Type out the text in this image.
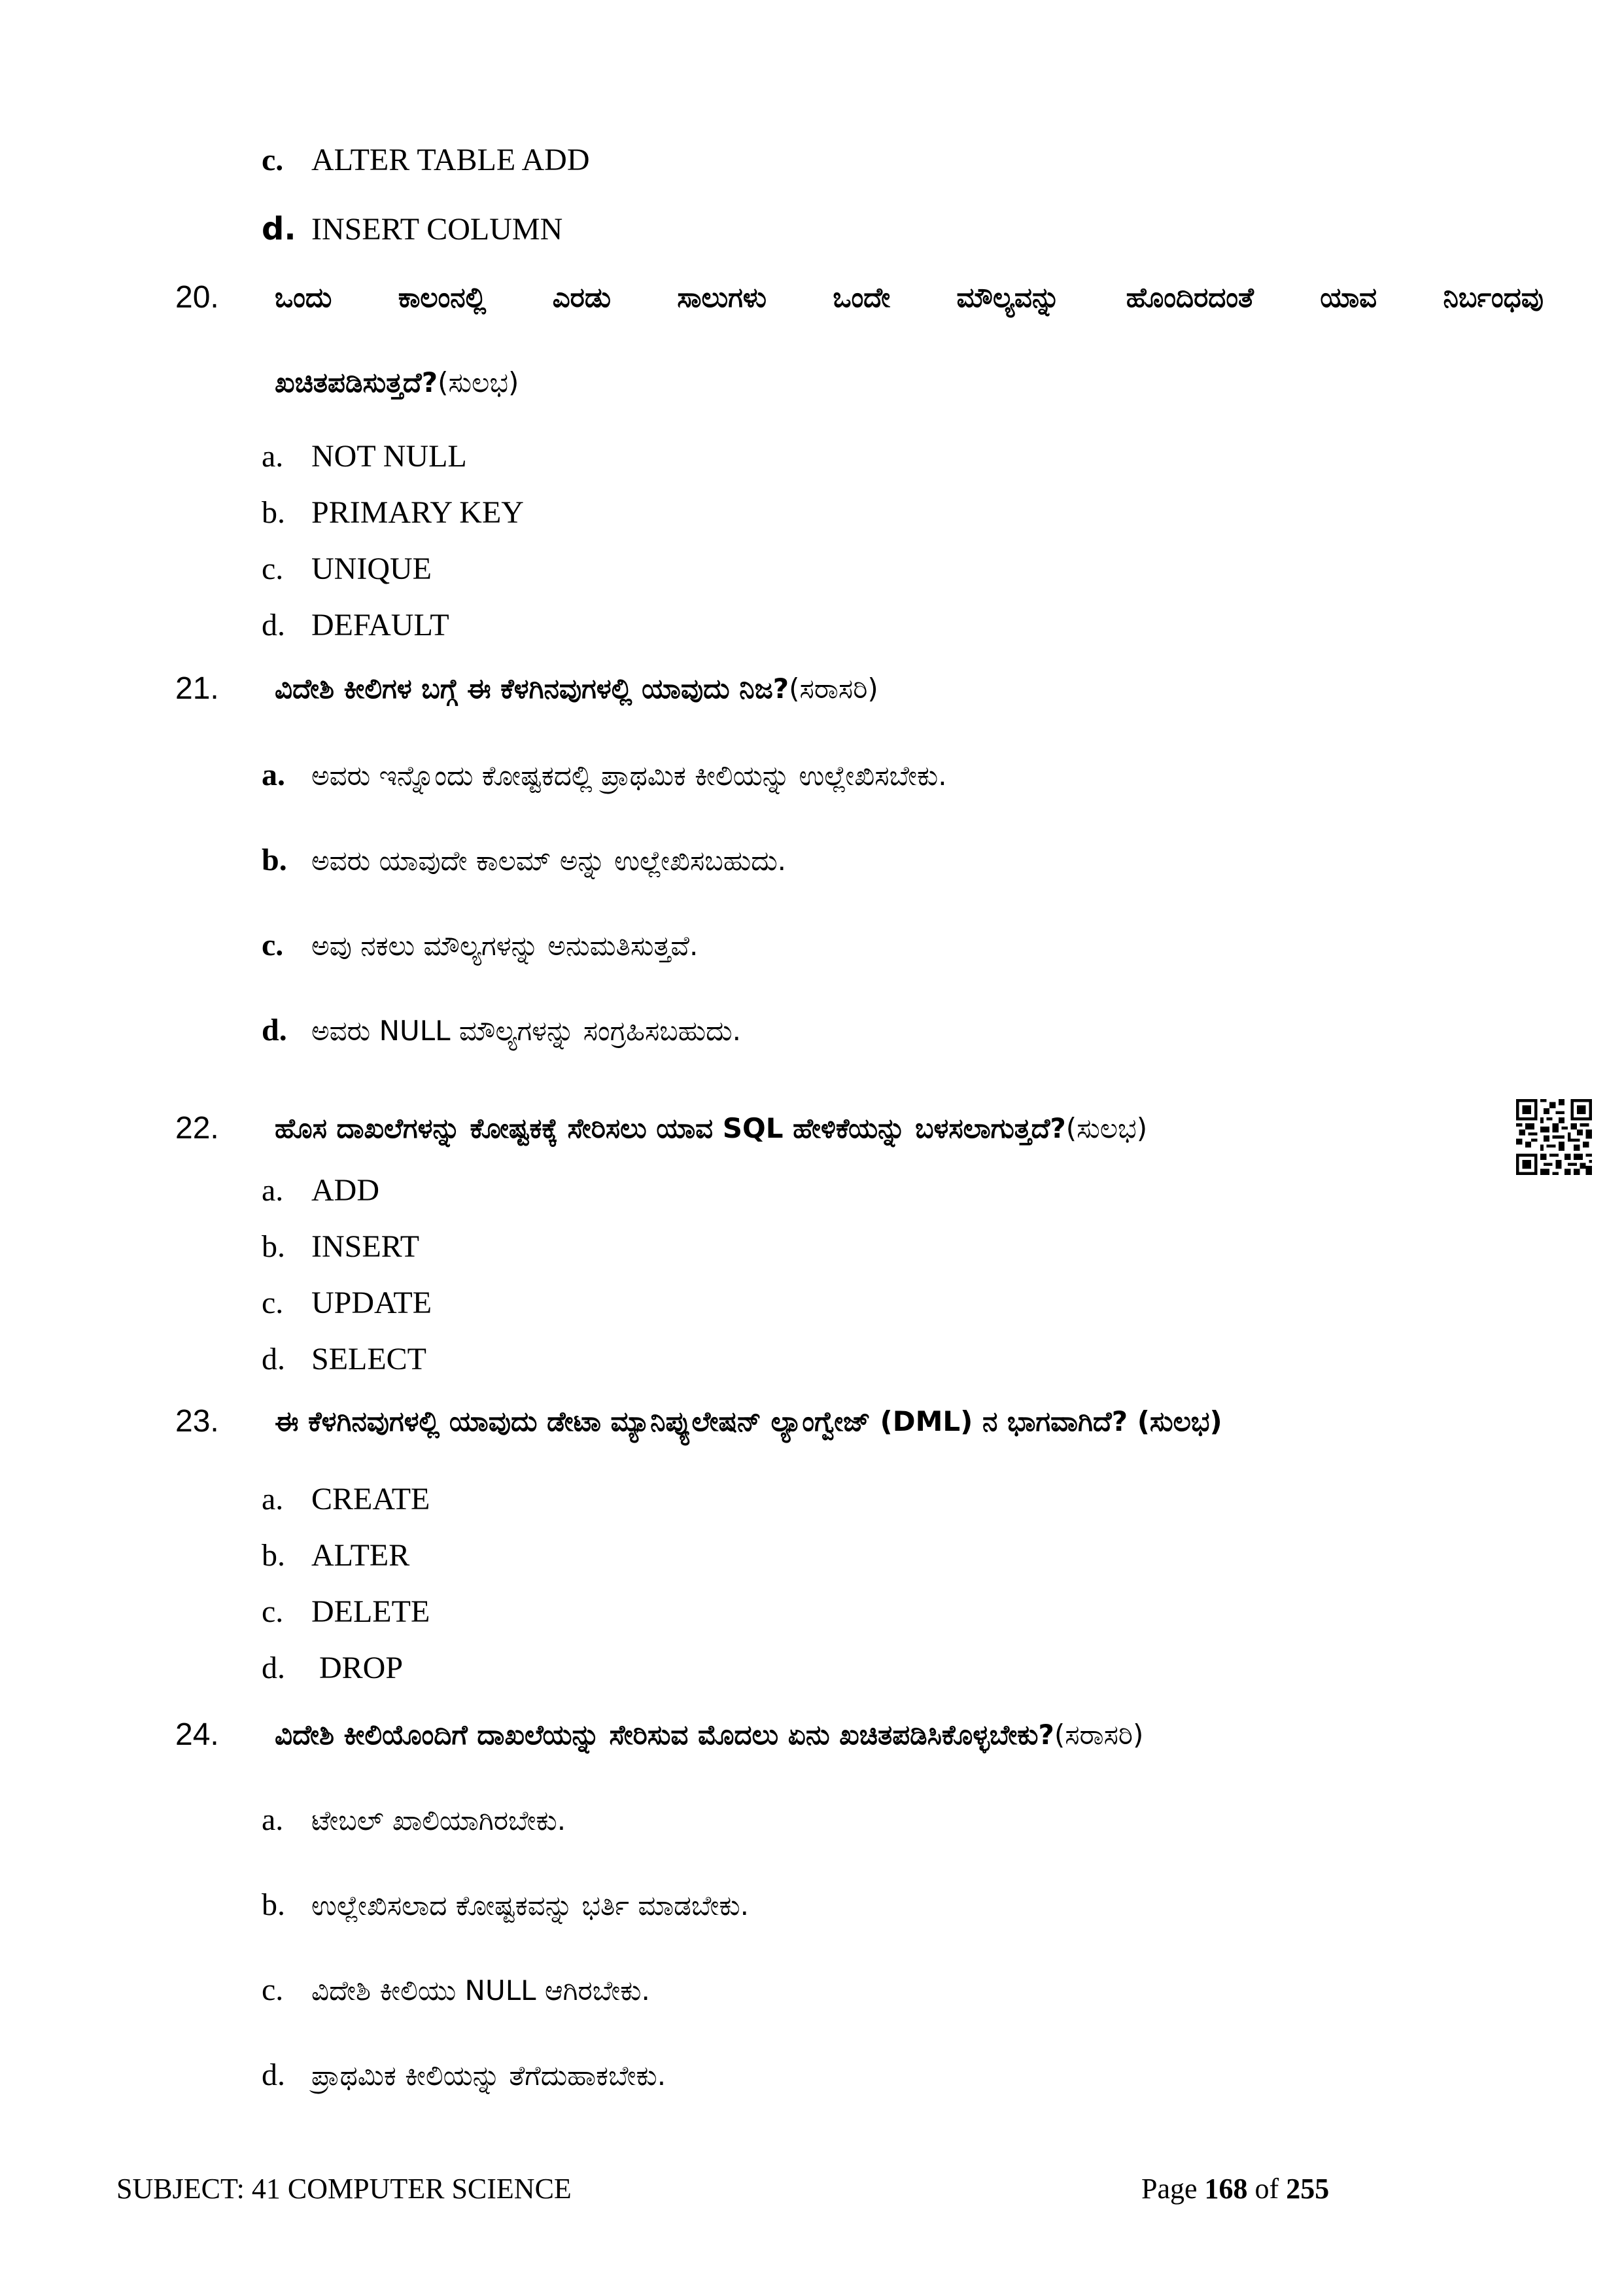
c. ALTER TABLE ADD
d. INSERT COLUMN
20. ಒಂದು ಕಾಲಂನಲ್ಲಿ ಎರಡು ಸಾಲುಗಳು ಒಂದೇ ಮೌಲ್ಯವನ್ನು ಹೊಂದಿರದಂತೆ ಯಾವ ನಿರ್ಬಂಧವು
ಖಚಿತಪಡಿಸುತ್ತದೆ?(ಸುಲಭ)
a. NOT NULL
b. PRIMARY KEY
c. UNIQUE
d. DEFAULT
21. ವಿದೇಶಿ ಕೀಲಿಗಳ ಬಗ್ಗೆ ಈ ಕೆಳಗಿನವುಗಳಲ್ಲಿ ಯಾವುದು ನಿಜ?(ಸರಾಸರಿ)
a. ಅವರು ಇನ್ನೊಂದು ಕೋಷ್ಟಕದಲ್ಲಿ ಪ್ರಾಥಮಿಕ ಕೀಲಿಯನ್ನು ಉಲ್ಲೇಖಿಸಬೇಕು.
b. ಅವರು ಯಾವುದೇ ಕಾಲಮ್ ಅನ್ನು ಉಲ್ಲೇಖಿಸಬಹುದು.
c. ಅವು ನಕಲು ಮೌಲ್ಯಗಳನ್ನು ಅನುಮತಿಸುತ್ತವೆ.
d. ಅವರು NULL ಮೌಲ್ಯಗಳನ್ನು ಸಂಗ್ರಹಿಸಬಹುದು.
22. ಹೊಸ ದಾಖಲೆಗಳನ್ನು ಕೋಷ್ಟಕಕ್ಕೆ ಸೇರಿಸಲು ಯಾವ SQL ಹೇಳಿಕೆಯನ್ನು ಬಳಸಲಾಗುತ್ತದೆ?(ಸುಲಭ)
a. ADD
b. INSERT
c. UPDATE
d. SELECT
23. ಈ ಕೆಳಗಿನವುಗಳಲ್ಲಿ ಯಾವುದು ಡೇಟಾ ಮ್ಯಾನಿಪ್ಯುಲೇಷನ್ ಲ್ಯಾಂಗ್ವೇಜ್ (DML) ನ ಭಾಗವಾಗಿದೆ? (ಸುಲಭ)
a. CREATE
b. ALTER
c. DELETE
d. DROP
24. ವಿದೇಶಿ ಕೀಲಿಯೊಂದಿಗೆ ದಾಖಲೆಯನ್ನು ಸೇರಿಸುವ ಮೊದಲು ಏನು ಖಚಿತಪಡಿಸಿಕೊಳ್ಳಬೇಕು?(ಸರಾಸರಿ)
a. ಟೇಬಲ್ ಖಾಲಿಯಾಗಿರಬೇಕು.
b. ಉಲ್ಲೇಖಿಸಲಾದ ಕೋಷ್ಟಕವನ್ನು ಭರ್ತಿ ಮಾಡಬೇಕು.
c. ವಿದೇಶಿ ಕೀಲಿಯು NULL ಆಗಿರಬೇಕು.
d. ಪ್ರಾಥಮಿಕ ಕೀಲಿಯನ್ನು ತೆಗೆದುಹಾಕಬೇಕು.
SUBJECT: 41 COMPUTER SCIENCE	Page 168 of 255
